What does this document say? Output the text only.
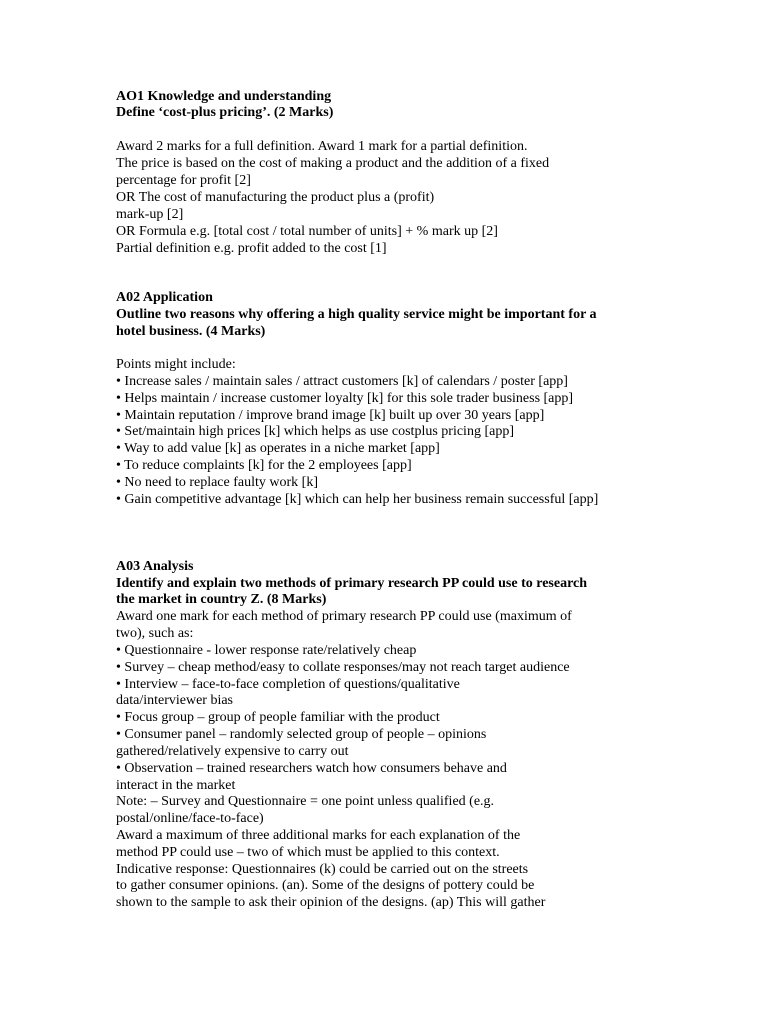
AO1 Knowledge and understanding
Define ‘cost-plus pricing’. (2 Marks)
Award 2 marks for a full definition. Award 1 mark for a partial definition.
The price is based on the cost of making a product and the addition of a fixed
percentage for profit [2]
OR The cost of manufacturing the product plus a (profit)
mark-up [2]
OR Formula e.g. [total cost / total number of units] + % mark up [2]
Partial definition e.g. profit added to the cost [1]
A02 Application
Outline two reasons why offering a high quality service might be important for a
hotel business. (4 Marks)
Points might include:
• Increase sales / maintain sales / attract customers [k] of calendars / poster [app]
• Helps maintain / increase customer loyalty [k] for this sole trader business [app]
• Maintain reputation / improve brand image [k] built up over 30 years [app]
• Set/maintain high prices [k] which helps as use costplus pricing [app]
• Way to add value [k] as operates in a niche market [app]
• To reduce complaints [k] for the 2 employees [app]
• No need to replace faulty work [k]
• Gain competitive advantage [k] which can help her business remain successful [app]
A03 Analysis
Identify and explain two methods of primary research PP could use to research
the market in country Z. (8 Marks)
Award one mark for each method of primary research PP could use (maximum of
two), such as:
• Questionnaire - lower response rate/relatively cheap
• Survey – cheap method/easy to collate responses/may not reach target audience
• Interview – face-to-face completion of questions/qualitative
data/interviewer bias
• Focus group – group of people familiar with the product
• Consumer panel – randomly selected group of people – opinions
gathered/relatively expensive to carry out
• Observation – trained researchers watch how consumers behave and
interact in the market
Note: – Survey and Questionnaire = one point unless qualified (e.g.
postal/online/face-to-face)
Award a maximum of three additional marks for each explanation of the
method PP could use – two of which must be applied to this context.
Indicative response: Questionnaires (k) could be carried out on the streets
to gather consumer opinions. (an). Some of the designs of pottery could be
shown to the sample to ask their opinion of the designs. (ap) This will gather
